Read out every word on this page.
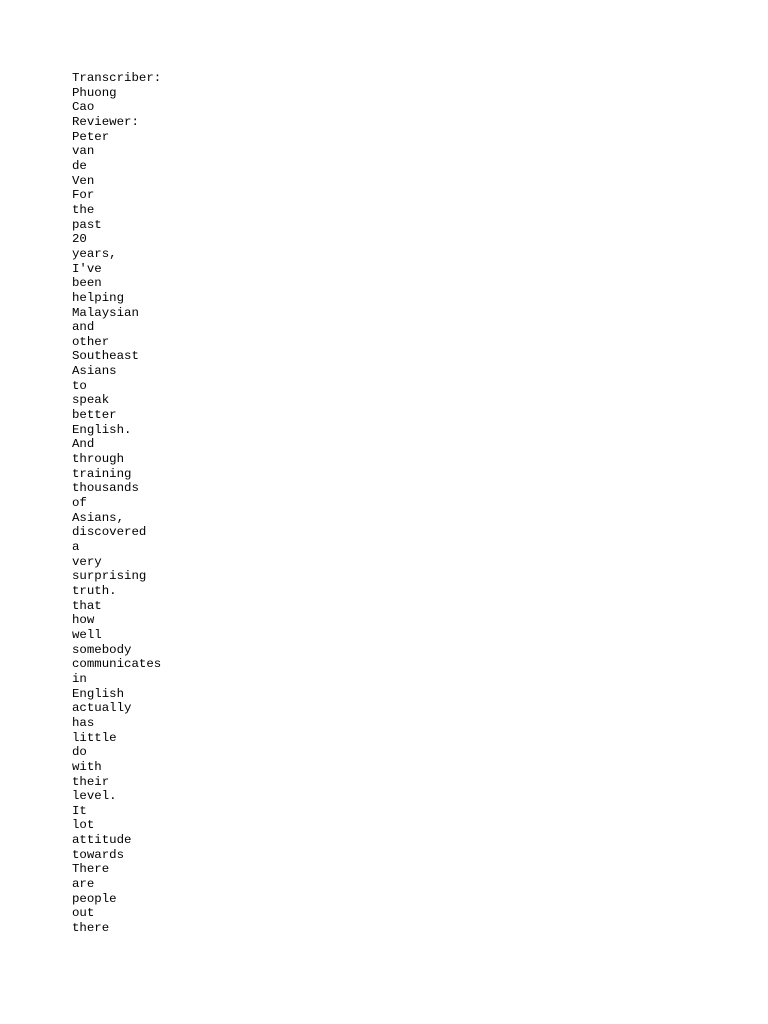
Transcriber:
Phuong
Cao
Reviewer:
Peter
van
de
Ven
For
the
past
20
years,
I've
been
helping
Malaysian
and
other
Southeast
Asians
to
speak
better
English.
And
through
training
thousands
of
Asians,
discovered
a
very
surprising
truth.
that
how
well
somebody
communicates
in
English
actually
has
little
do
with
their
level.
It
lot
attitude
towards
There
are
people
out
there
